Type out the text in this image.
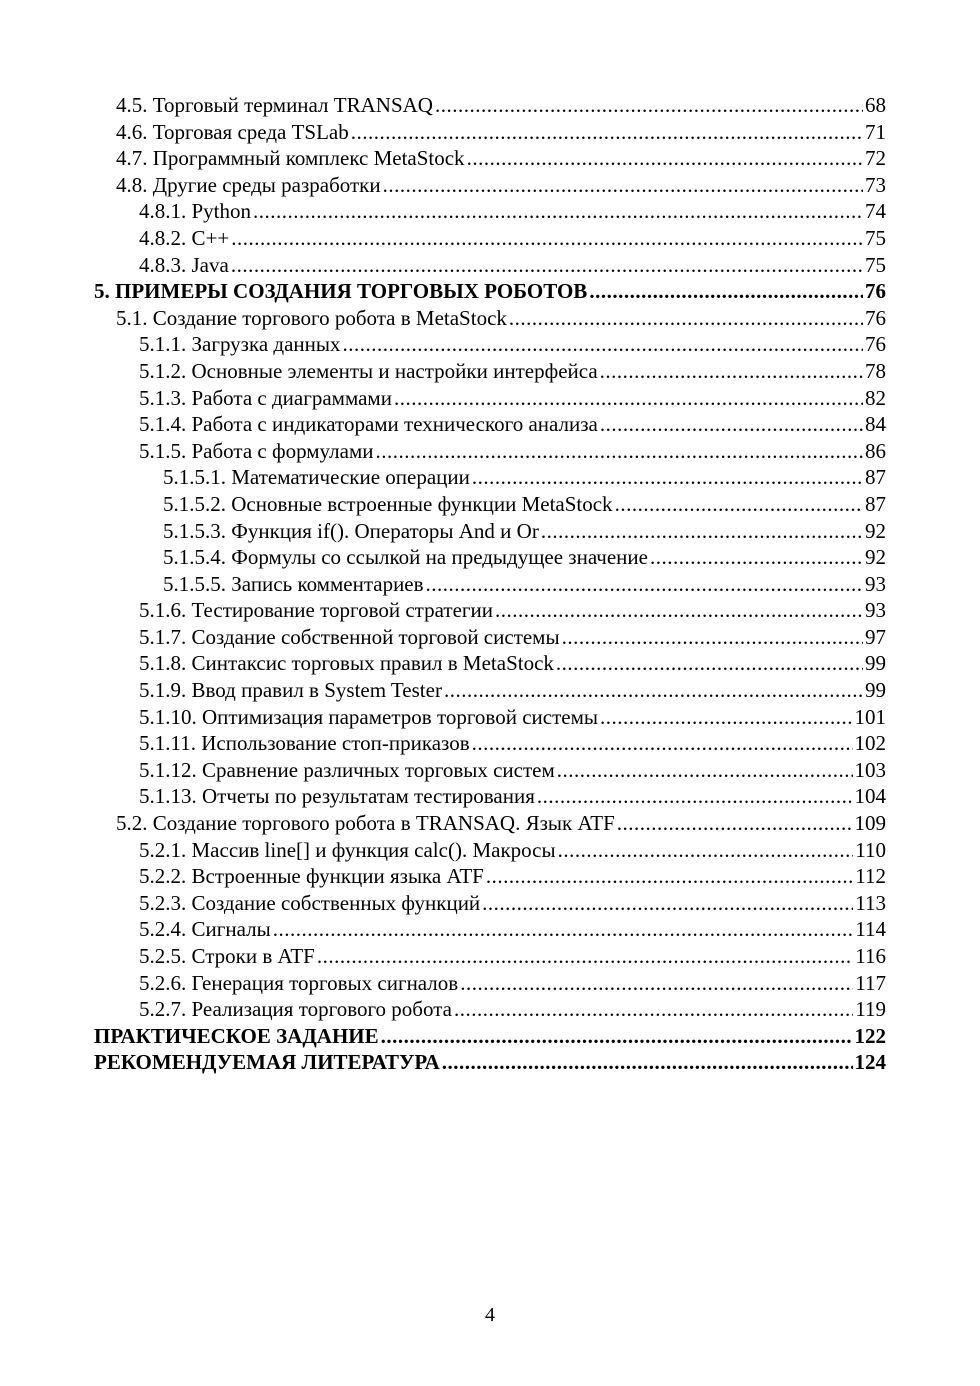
4.5. Торговый терминал TRANSAQ .....	68
4.6. Торговая среда TSLab .....	71
4.7. Программный комплекс MetaStock .....	72
4.8. Другие среды разработки .....	73
4.8.1. Python .....	74
4.8.2. C++ .....	75
4.8.3. Java .....	75
5. ПРИМЕРЫ СОЗДАНИЯ ТОРГОВЫХ РОБОТОВ .....	76
5.1. Создание торгового робота в MetaStock .....	76
5.1.1. Загрузка данных .....	76
5.1.2. Основные элементы и настройки интерфейса .....	78
5.1.3. Работа с диаграммами .....	82
5.1.4. Работа с индикаторами технического анализа .....	84
5.1.5. Работа с формулами .....	86
5.1.5.1. Математические операции .....	87
5.1.5.2. Основные встроенные функции MetaStock .....	87
5.1.5.3. Функция if(). Операторы And и Or .....	92
5.1.5.4. Формулы со ссылкой на предыдущее значение .....	92
5.1.5.5. Запись комментариев .....	93
5.1.6. Тестирование торговой стратегии .....	93
5.1.7. Создание собственной торговой системы .....	97
5.1.8. Синтаксис торговых правил в MetaStock .....	99
5.1.9. Ввод правил в System Tester .....	99
5.1.10. Оптимизация параметров торговой системы .....	101
5.1.11. Использование стоп-приказов .....	102
5.1.12. Сравнение различных торговых систем .....	103
5.1.13. Отчеты по результатам тестирования .....	104
5.2. Создание торгового робота в TRANSAQ. Язык ATF .....	109
5.2.1. Массив line[] и функция calc(). Макросы .....	110
5.2.2. Встроенные функции языка ATF .....	112
5.2.3. Создание собственных функций .....	113
5.2.4. Сигналы .....	114
5.2.5. Строки в ATF .....	116
5.2.6. Генерация торговых сигналов .....	117
5.2.7. Реализация торгового робота .....	119
ПРАКТИЧЕСКОЕ ЗАДАНИЕ .....	122
РЕКОМЕНДУЕМАЯ ЛИТЕРАТУРА .....	124
4
